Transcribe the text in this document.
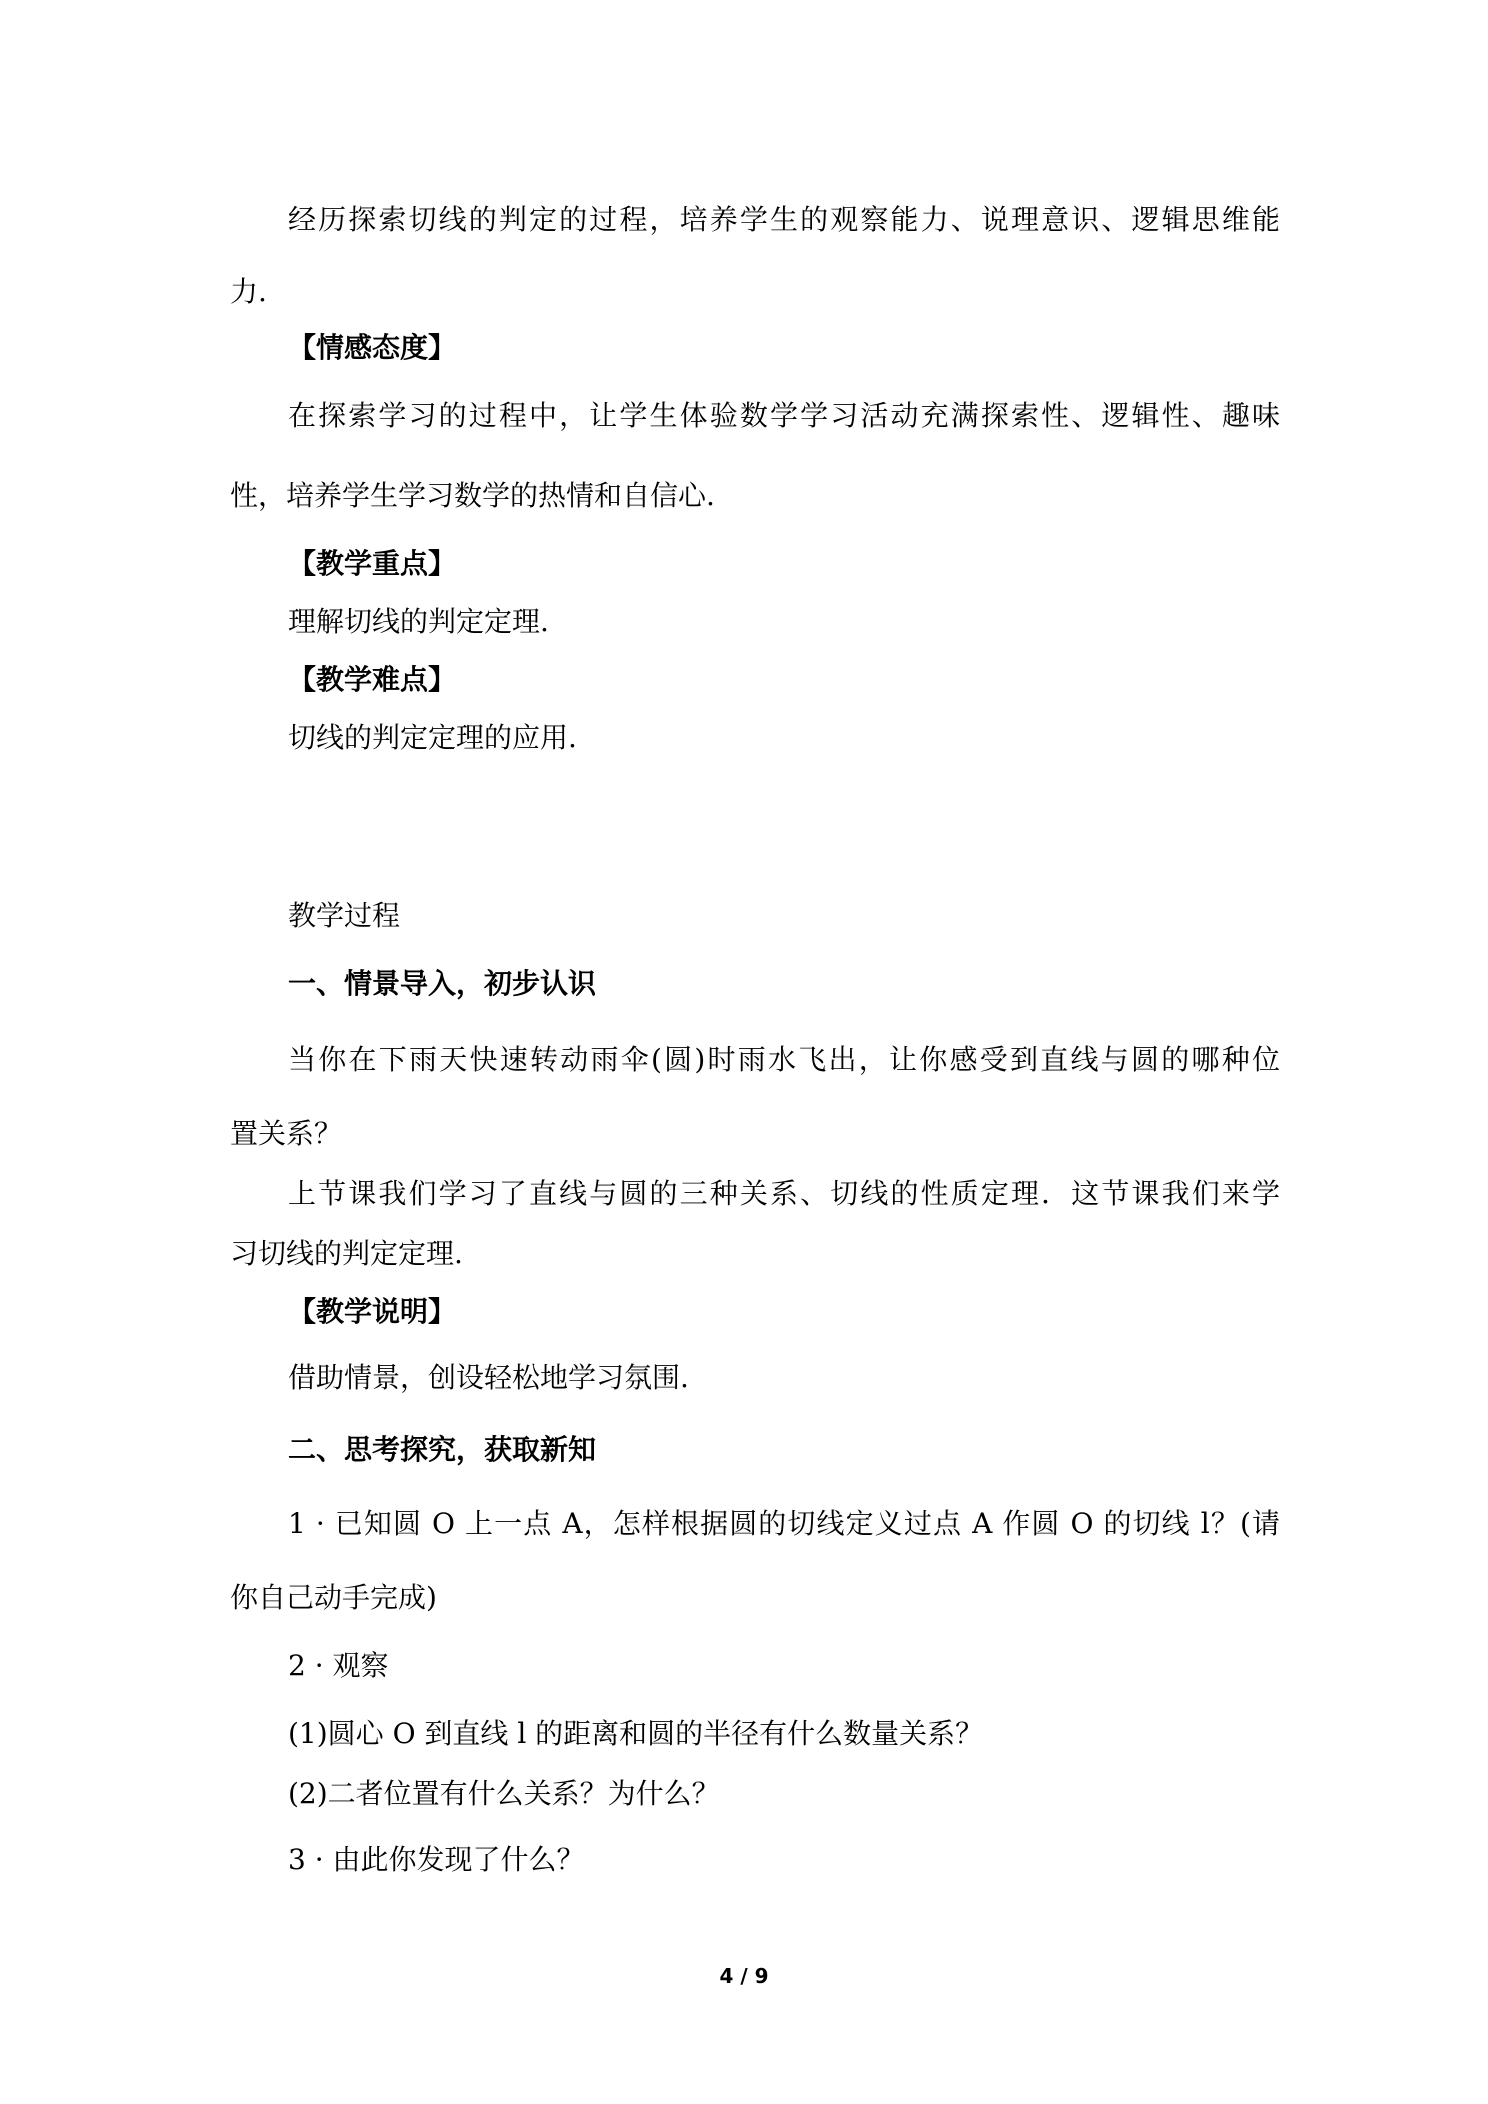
经历探索切线的判定的过程，培养学生的观察能力、说理意识、逻辑思维能
力.
【情感态度】
在探索学习的过程中，让学生体验数学学习活动充满探索性、逻辑性、趣味
性，培养学生学习数学的热情和自信心.
【教学重点】
理解切线的判定定理.
【教学难点】
切线的判定定理的应用.
教学过程
一、情景导入，初步认识
当你在下雨天快速转动雨伞(圆)时雨水飞出，让你感受到直线与圆的哪种位
置关系？
上节课我们学习了直线与圆的三种关系、切线的性质定理．这节课我们来学
习切线的判定定理.
【教学说明】
借助情景，创设轻松地学习氛围.
二、思考探究，获取新知
1 · 已知圆 O 上一点 A，怎样根据圆的切线定义过点 A 作圆 O 的切线 l？(请
你自己动手完成)
2 · 观察
(1)圆心 O 到直线 l 的距离和圆的半径有什么数量关系？
(2)二者位置有什么关系？为什么？
3 · 由此你发现了什么？
4 / 9
